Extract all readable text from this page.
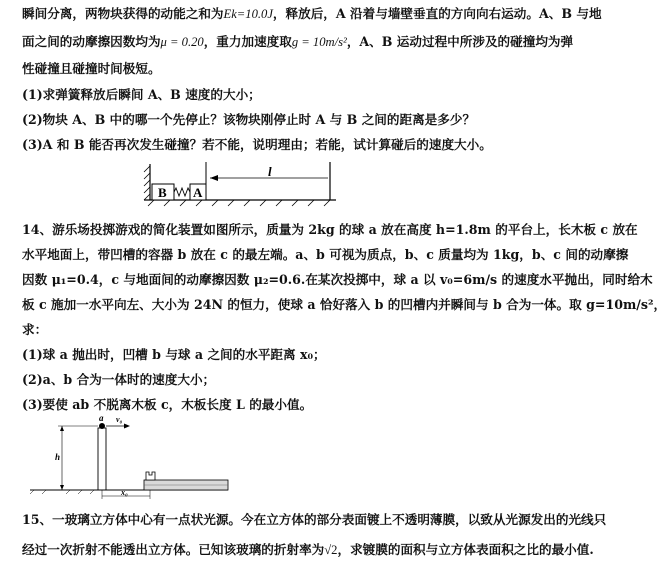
瞬间分离，两物块获得的动能之和为Ek=10.0J，释放后，A 沿着与墙壁垂直的方向向右运动。A、B 与地
面之间的动摩擦因数均为μ = 0.20，重力加速度取g = 10m/s²，A、B 运动过程中所涉及的碰撞均为弹
性碰撞且碰撞时间极短。
(1)求弹簧释放后瞬间 A、B 速度的大小；
(2)物块 A、B 中的哪一个先停止？该物块刚停止时 A 与 B 之间的距离是多少？
(3)A 和 B 能否再次发生碰撞？若不能，说明理由；若能，试计算碰后的速度大小。
B A
l
14、游乐场投掷游戏的简化装置如图所示，质量为 2kg 的球 a 放在高度 h=1.8m 的平台上，长木板 c 放在
水平地面上，带凹槽的容器 b 放在 c 的最左端。a、b 可视为质点，b、c 质量均为 1kg，b、c 间的动摩擦
因数 μ₁=0.4，c 与地面间的动摩擦因数 μ₂=0.6.在某次投掷中，球 a 以 v₀=6m/s 的速度水平抛出，同时给木
板 c 施加一水平向左、大小为 24N 的恒力，使球 a 恰好落入 b 的凹槽内并瞬间与 b 合为一体。取 g=10m/s²，
求：
(1)球 a 抛出时，凹槽 b 与球 a 之间的水平距离 x₀；
(2)a、b 合为一体时的速度大小；
(3)要使 ab 不脱离木板 c，木板长度 L 的最小值。
a v₀
h
x₀
15、一玻璃立方体中心有一点状光源。今在立方体的部分表面镀上不透明薄膜，以致从光源发出的光线只
经过一次折射不能透出立方体。已知该玻璃的折射率为√2，求镀膜的面积与立方体表面积之比的最小值.
